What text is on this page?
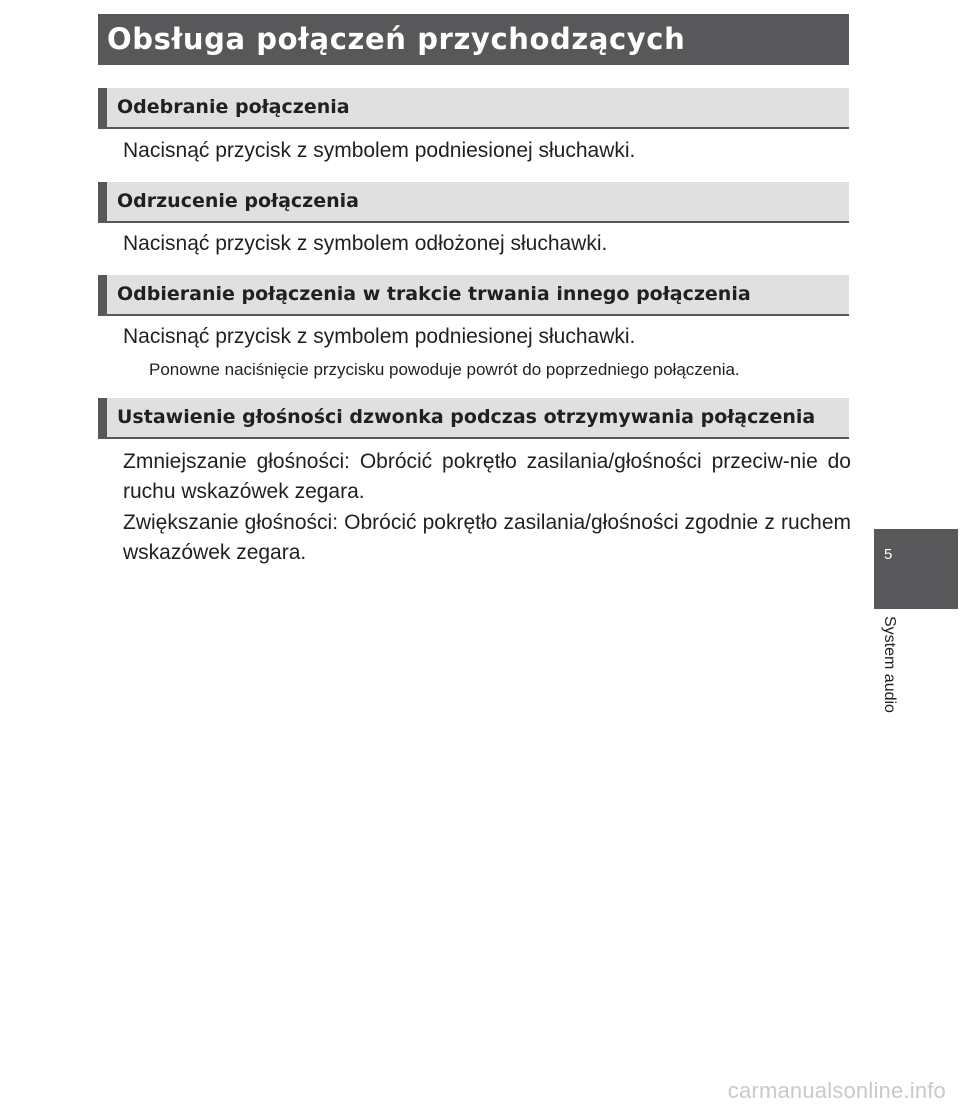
Obsługa połączeń przychodzących
Odebranie połączenia
Nacisnąć przycisk z symbolem podniesionej słuchawki.
Odrzucenie połączenia
Nacisnąć przycisk z symbolem odłożonej słuchawki.
Odbieranie połączenia w trakcie trwania innego połączenia
Nacisnąć przycisk z symbolem podniesionej słuchawki.
Ponowne naciśnięcie przycisku powoduje powrót do poprzedniego połączenia.
Ustawienie głośności dzwonka podczas otrzymywania połączenia
Zmniejszanie głośności: Obrócić pokrętło zasilania/głośności przeciw-nie do ruchu wskazówek zegara.
Zwiększanie głośności: Obrócić pokrętło zasilania/głośności zgodnie z ruchem wskazówek zegara.	5
System audio
carmanualsonline.info
